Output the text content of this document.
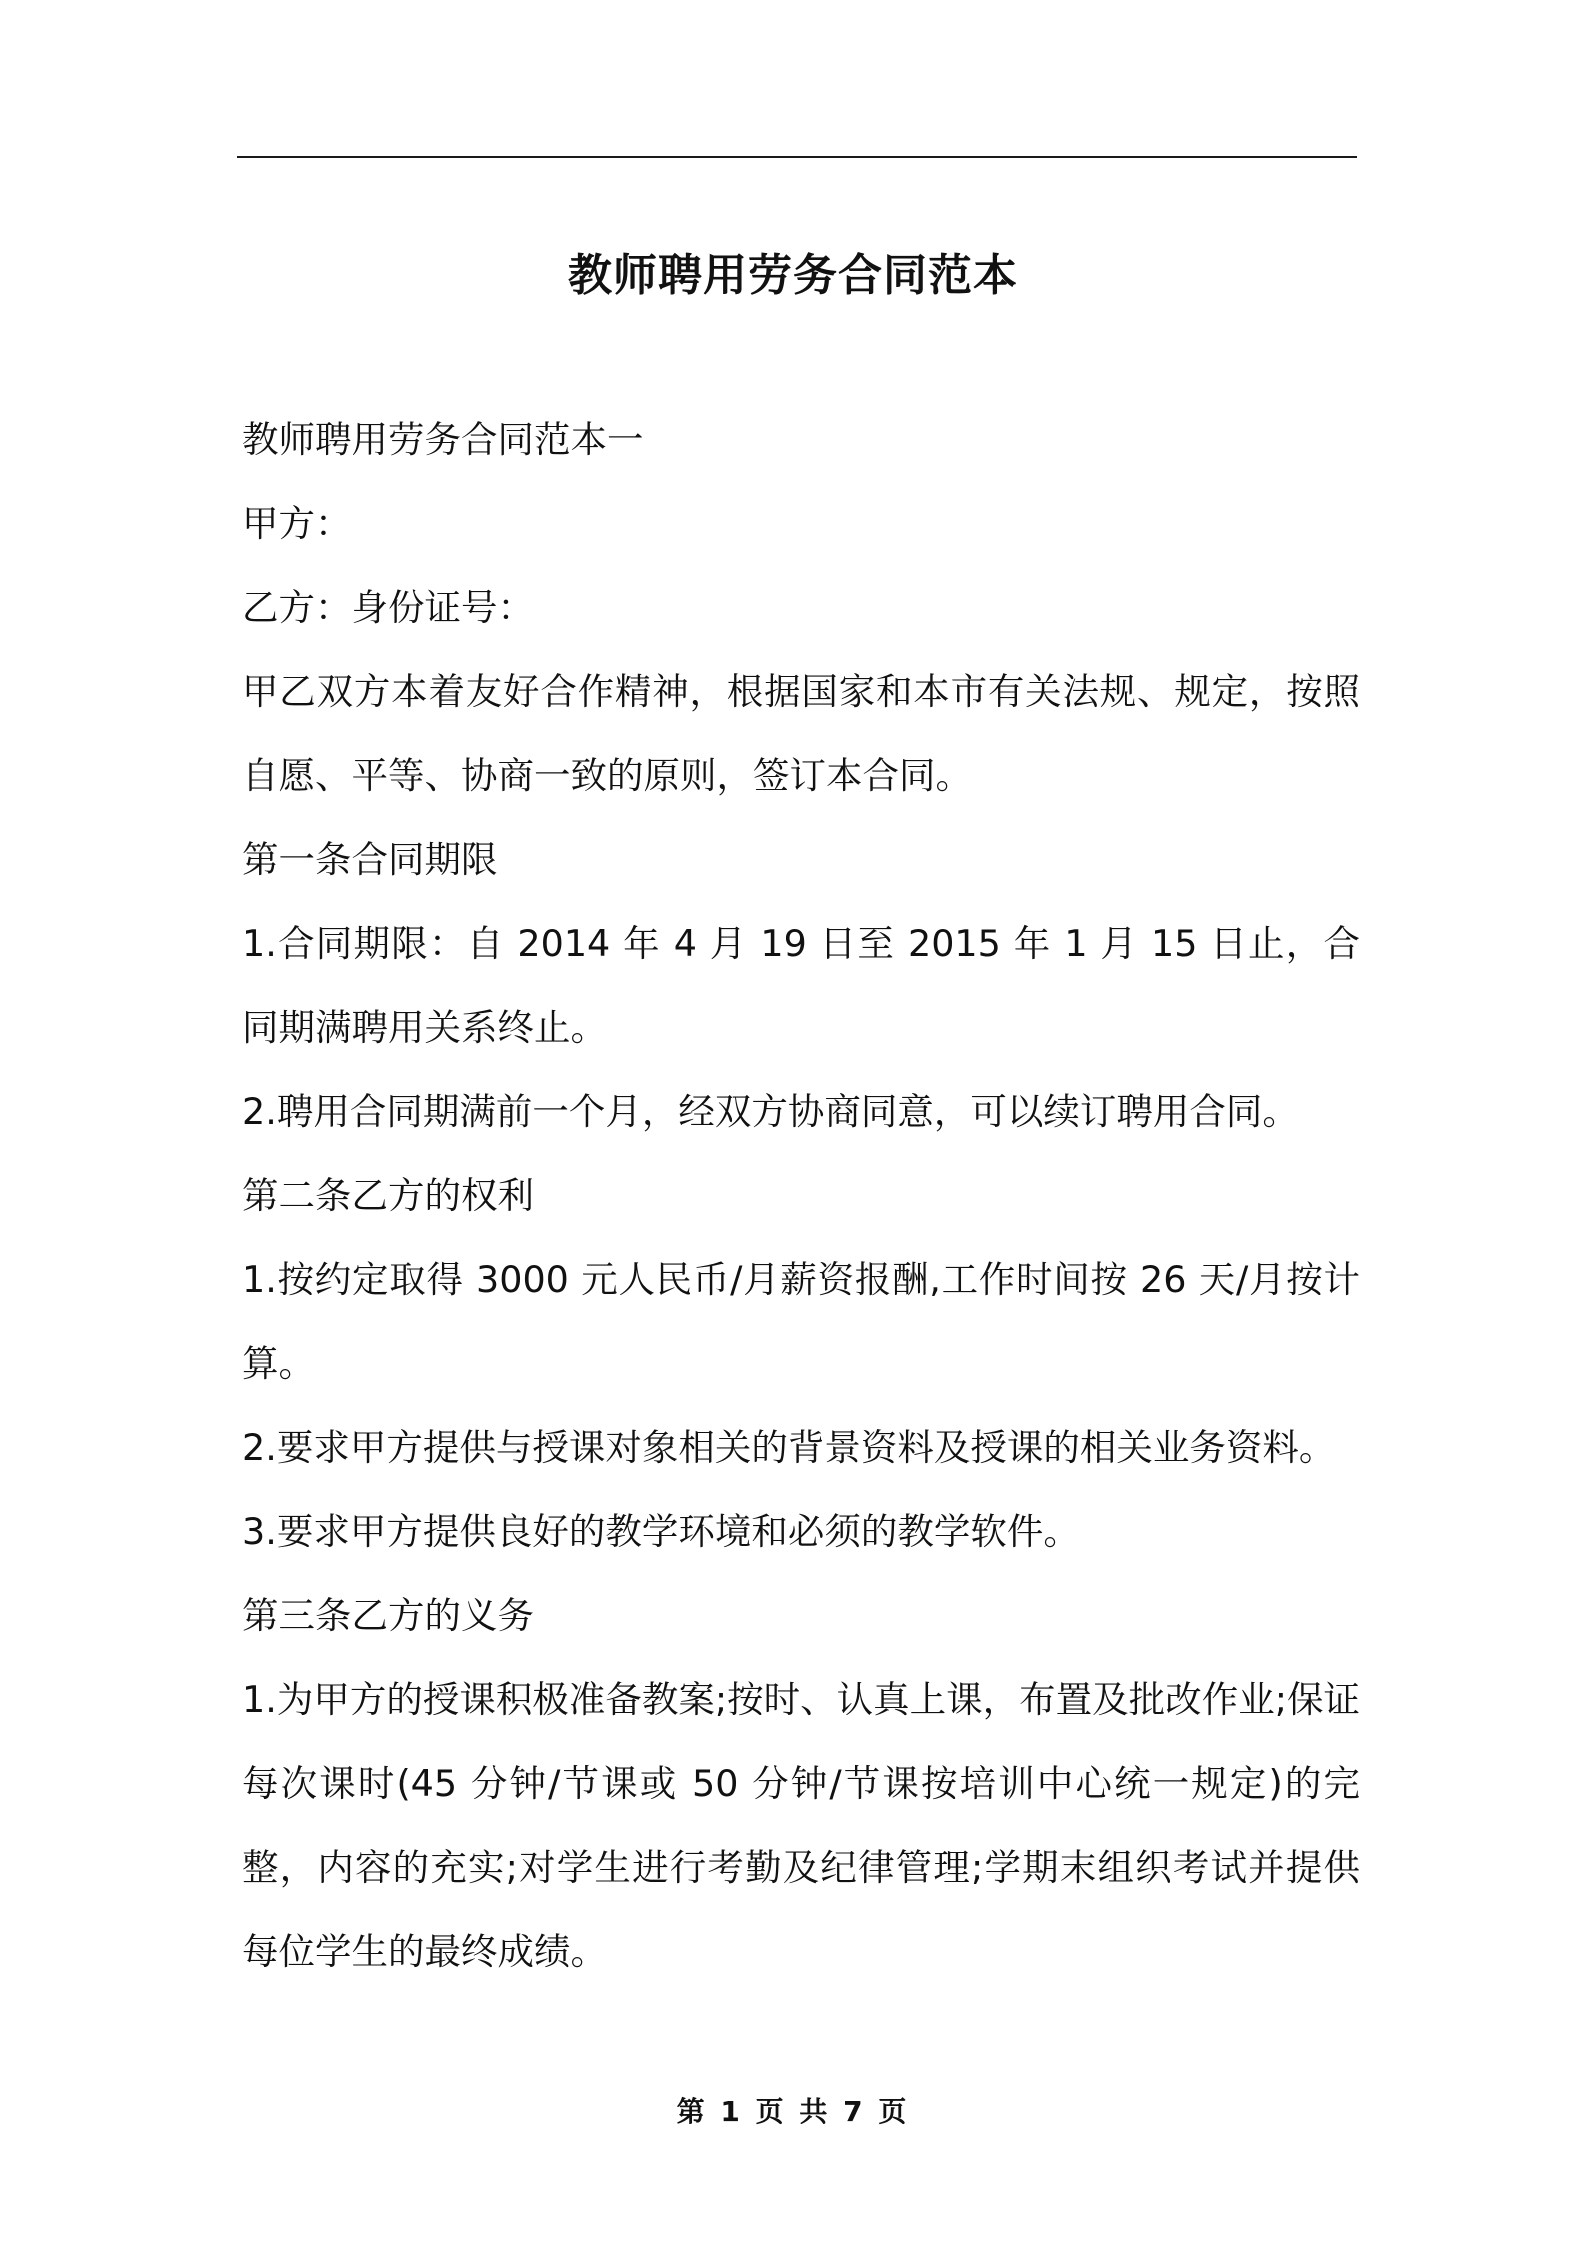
教师聘用劳务合同范本

教师聘用劳务合同范本一

甲方：

乙方：身份证号：

甲乙双方本着友好合作精神，根据国家和本市有关法规、规定，按照自愿、平等、协商一致的原则，签订本合同。

第一条合同期限

1.合同期限：自 2014 年 4 月 19 日至 2015 年 1 月 15 日止，合同期满聘用关系终止。

2.聘用合同期满前一个月，经双方协商同意，可以续订聘用合同。

第二条乙方的权利

1.按约定取得 3000 元人民币/月薪资报酬,工作时间按 26 天/月按计算。

2.要求甲方提供与授课对象相关的背景资料及授课的相关业务资料。

3.要求甲方提供良好的教学环境和必须的教学软件。

第三条乙方的义务

1.为甲方的授课积极准备教案;按时、认真上课，布置及批改作业;保证每次课时(45 分钟/节课或 50 分钟/节课按培训中心统一规定)的完整，内容的充实;对学生进行考勤及纪律管理;学期末组织考试并提供每位学生的最终成绩。

第 1 页 共 7 页
